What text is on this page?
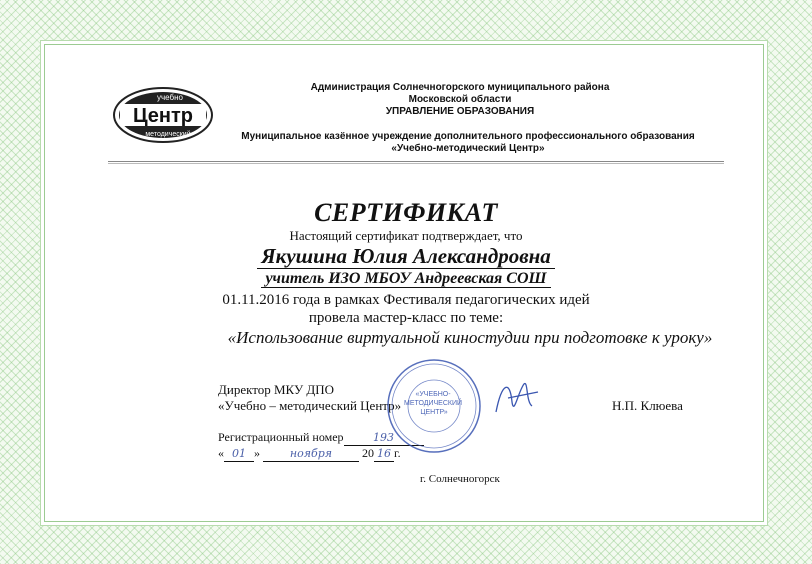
Центр
учебно
методический
Администрация Солнечногорского муниципального района
Московской области
УПРАВЛЕНИЕ ОБРАЗОВАНИЯ
Муниципальное казённое учреждение дополнительного профессионального образования
«Учебно-методический Центр»
СЕРТИФИКАТ
Настоящий сертификат подтверждает, что
Якушина Юлия Александровна
учитель ИЗО МБОУ Андреевская СОШ
01.11.2016 года в рамках Фестиваля педагогических идей
провела мастер-класс по теме:
«Использование виртуальной киностудии при подготовке к уроку»
Директор МКУ ДПО
«Учебно – методический Центр»	Н.П. Клюева
Регистрационный номер	193
« 01 » ноября 20 16 г.
г. Солнечногорск
«УЧЕБНО- МЕТОДИЧЕСКИЙ ЦЕНТР»
